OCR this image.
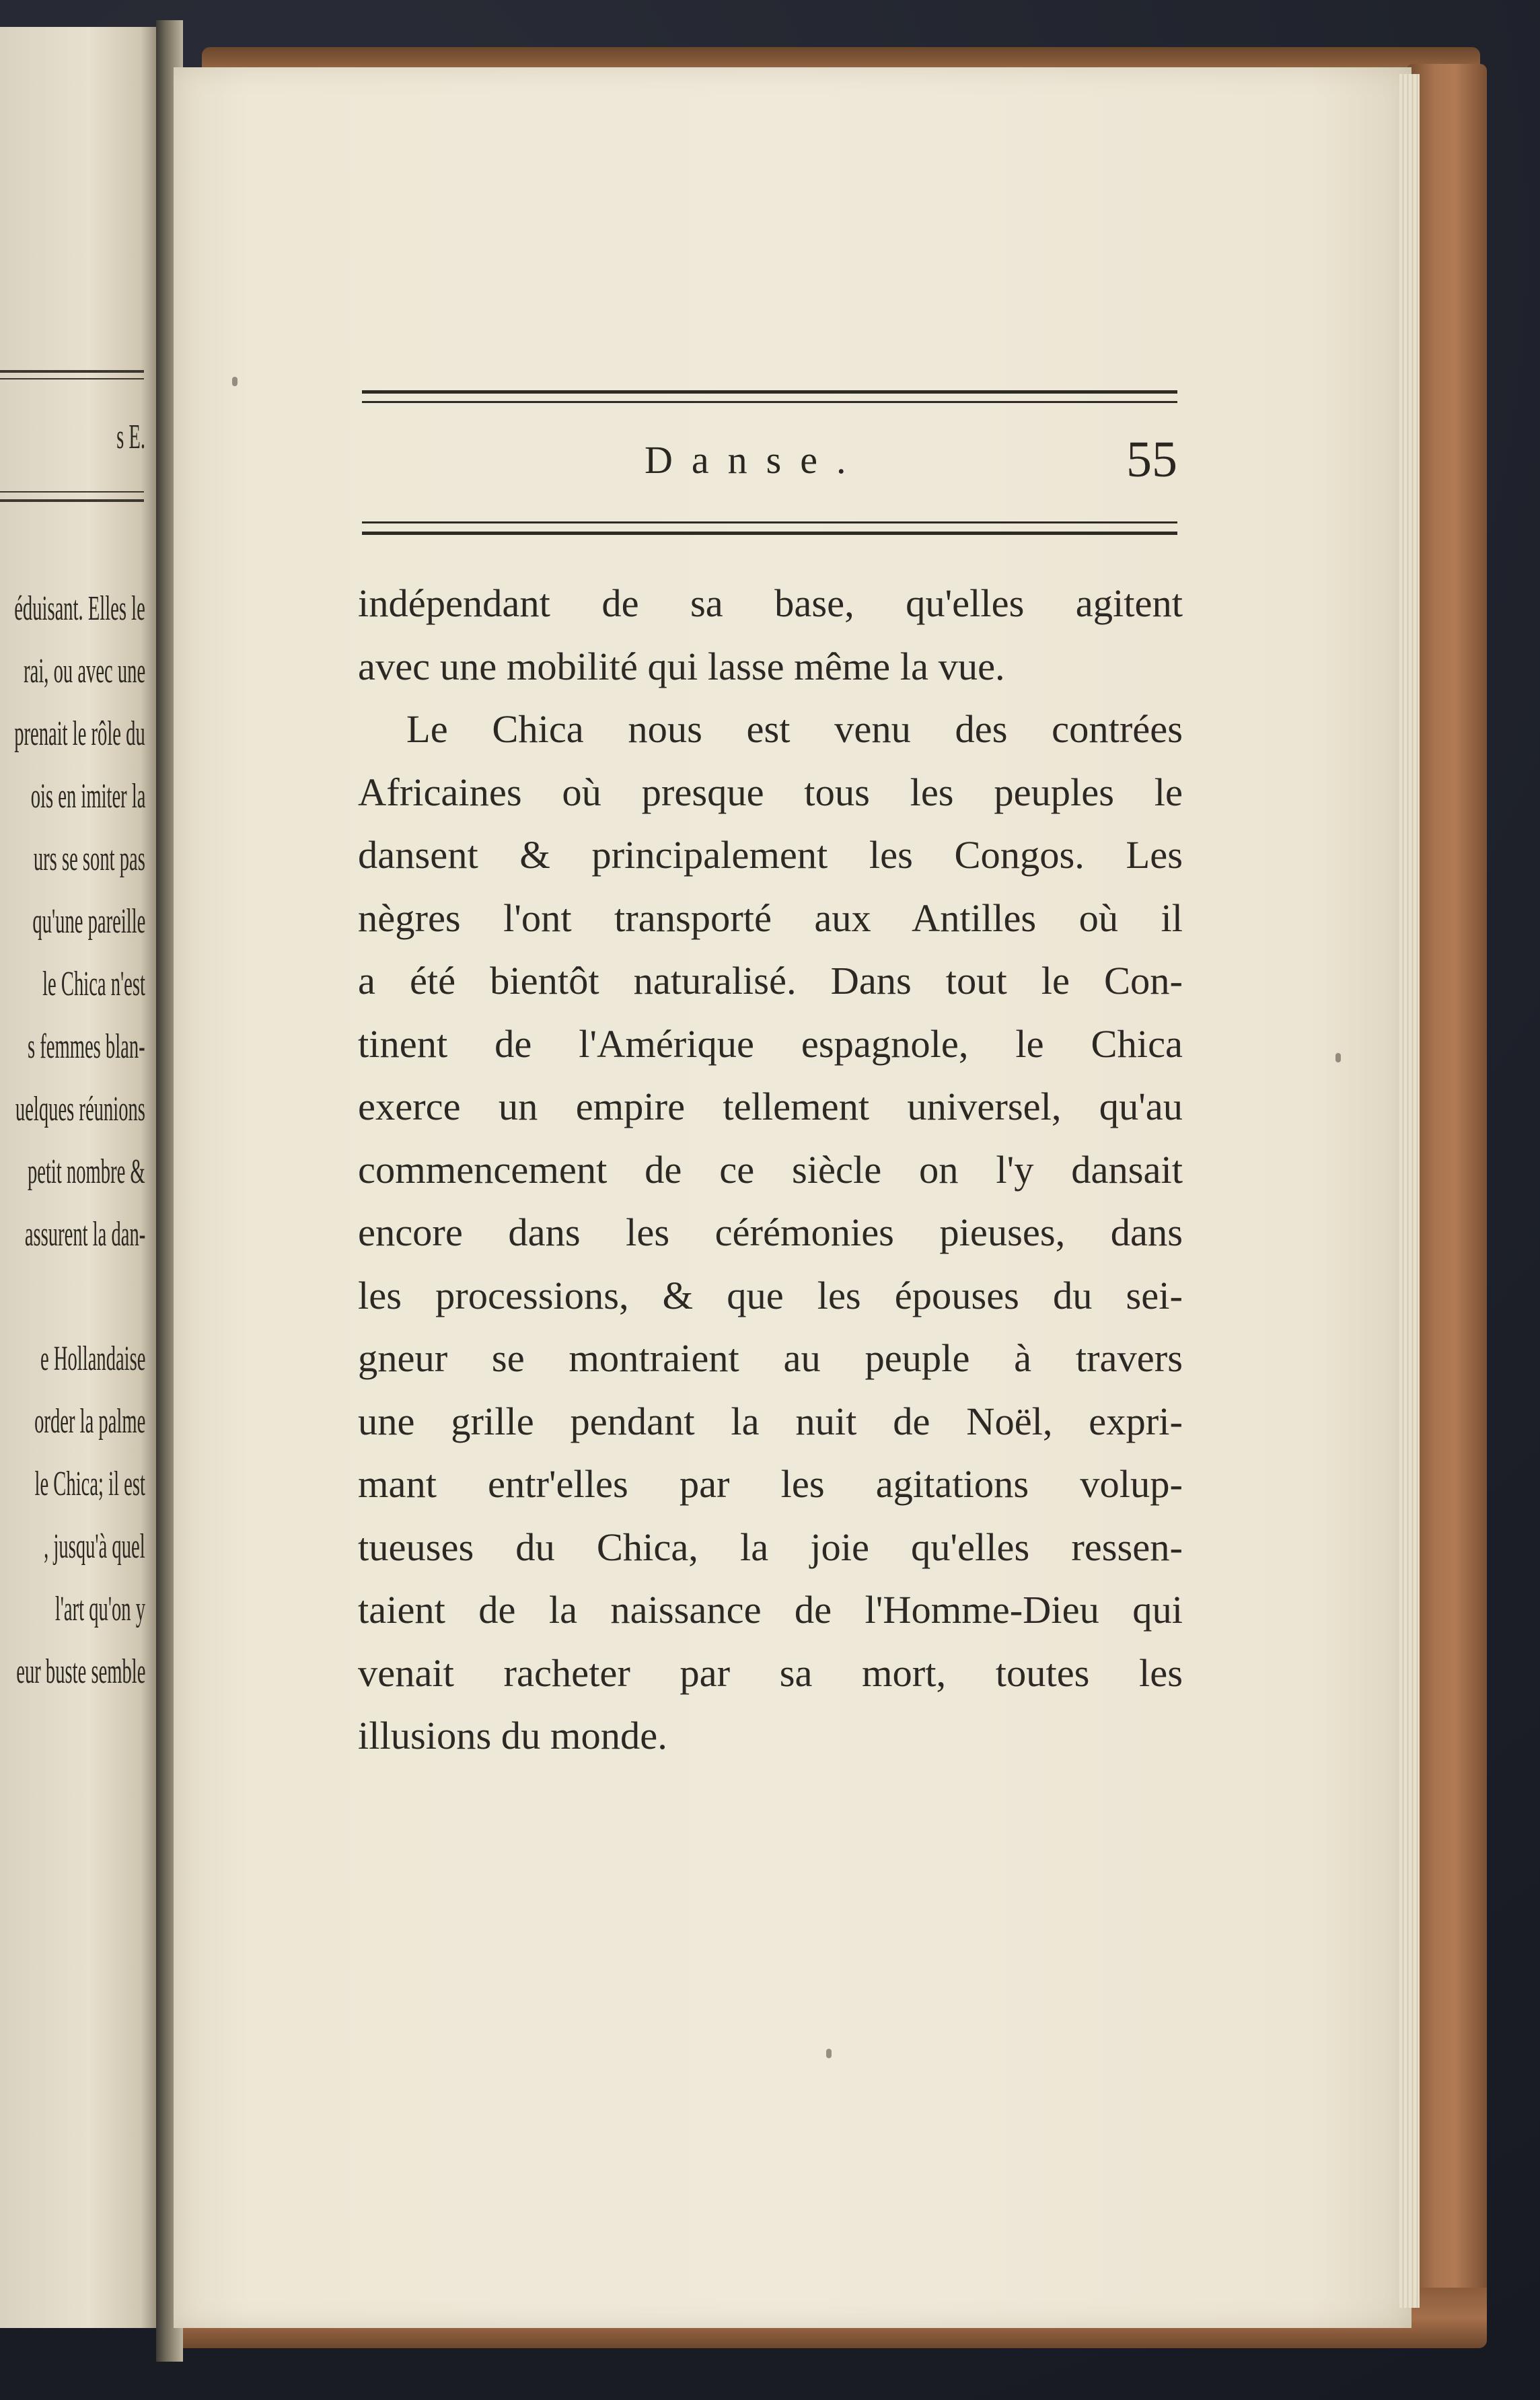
s E.
éduisant. Elles le
rai, ou avec une
prenait le rôle du
ois en imiter la
urs se sont pas
qu'une pareille
le Chica n'est
s femmes blan-
uelques réunions
petit nombre &
assurent la dan-
e Hollandaise
order la palme
le Chica; il est
, jusqu'à quel
l'art qu'on y
eur buste semble
Danse.	55
indépendant de sa base, qu'elles agitent
avec une mobilité qui lasse même la vue.
Le Chica nous est venu des contrées
Africaines où presque tous les peuples le
dansent & principalement les Congos. Les
nègres l'ont transporté aux Antilles où il
a été bientôt naturalisé. Dans tout le Con-
tinent de l'Amérique espagnole, le Chica
exerce un empire tellement universel, qu'au
commencement de ce siècle on l'y dansait
encore dans les cérémonies pieuses, dans
les processions, & que les épouses du sei-
gneur se montraient au peuple à travers
une grille pendant la nuit de Noël, expri-
mant entr'elles par les agitations volup-
tueuses du Chica, la joie qu'elles ressen-
taient de la naissance de l'Homme-Dieu qui
venait racheter par sa mort, toutes les
illusions du monde.
